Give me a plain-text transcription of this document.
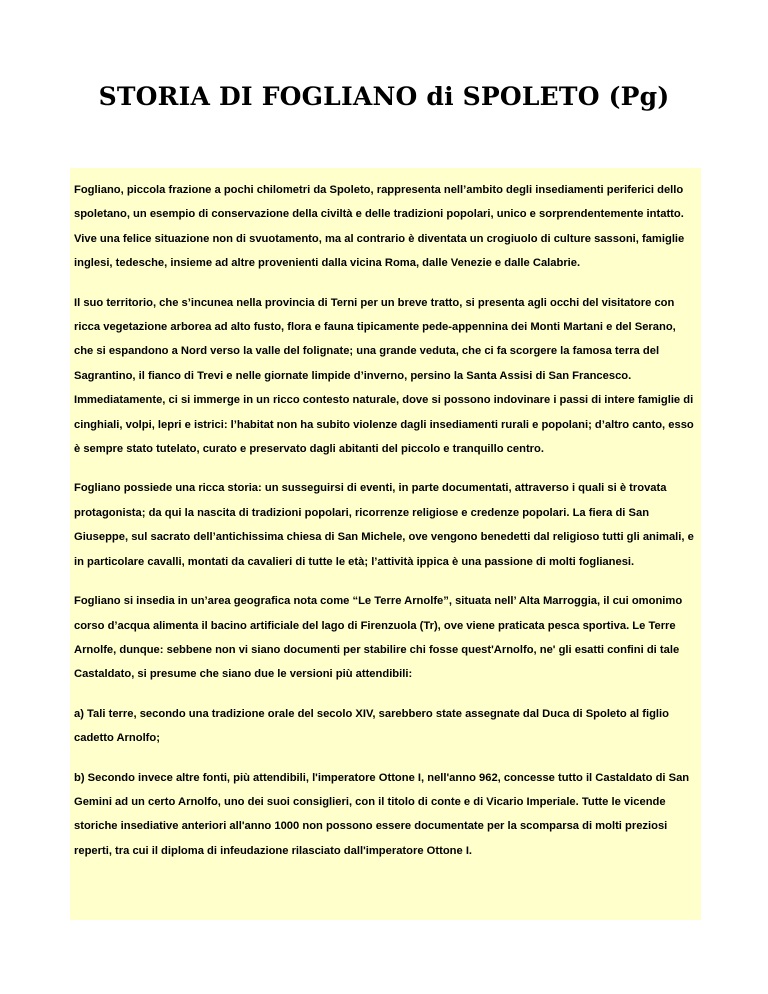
STORIA DI FOGLIANO di SPOLETO (Pg)

Fogliano, piccola frazione a pochi chilometri da Spoleto, rappresenta nell’ambito degli insediamenti periferici dello spoletano, un esempio di conservazione della civiltà e delle tradizioni popolari, unico e sorprendentemente intatto. Vive una felice situazione non di svuotamento, ma al contrario è diventata un crogiuolo di culture sassoni, famiglie inglesi, tedesche, insieme ad altre provenienti dalla vicina Roma, dalle Venezie e dalle Calabrie.

Il suo territorio, che s’incunea nella provincia di Terni per un breve tratto, si presenta agli occhi del visitatore con ricca vegetazione arborea ad alto fusto, flora e fauna tipicamente pede-appennina dei Monti Martani e del Serano, che si espandono a Nord verso la valle del folignate; una grande veduta, che ci fa scorgere la famosa terra del Sagrantino, il fianco di Trevi e nelle giornate limpide d’inverno, persino la Santa Assisi di San Francesco. Immediatamente, ci si immerge in un ricco contesto naturale, dove si possono indovinare i passi di intere famiglie di cinghiali, volpi, lepri e istrici: l’habitat non ha subito violenze dagli insediamenti rurali e popolani; d’altro canto, esso è sempre stato tutelato, curato e preservato dagli abitanti del piccolo e tranquillo centro.

Fogliano possiede una ricca storia: un susseguirsi di eventi, in parte documentati, attraverso i quali si è trovata protagonista; da qui la nascita di tradizioni popolari, ricorrenze religiose e credenze popolari. La fiera di San Giuseppe, sul sacrato dell’antichissima chiesa di San Michele, ove vengono benedetti dal religioso tutti gli animali, e in particolare cavalli, montati da cavalieri di tutte le età; l’attività ippica è una passione di molti foglianesi.

Fogliano si insedia in un’area geografica nota come “Le Terre Arnolfe”, situata nell’ Alta Marroggia, il cui omonimo corso d’acqua alimenta il bacino artificiale del lago di Firenzuola (Tr), ove viene praticata pesca sportiva. Le Terre Arnolfe, dunque: sebbene non vi siano documenti per stabilire chi fosse quest'Arnolfo, ne' gli esatti confini di tale Castaldato, si presume che siano due le versioni più attendibili:

a) Tali terre, secondo una tradizione orale del secolo XIV, sarebbero state assegnate dal Duca di Spoleto al figlio cadetto Arnolfo;

b) Secondo invece altre fonti, più attendibili, l'imperatore Ottone I, nell'anno 962, concesse tutto il Castaldato di San Gemini ad un certo Arnolfo, uno dei suoi consiglieri, con il titolo di conte e di Vicario Imperiale. Tutte le vicende storiche insediative anteriori all'anno 1000 non possono essere documentate per la scomparsa di molti preziosi reperti, tra cui il diploma di infeudazione rilasciato dall'imperatore Ottone I.
